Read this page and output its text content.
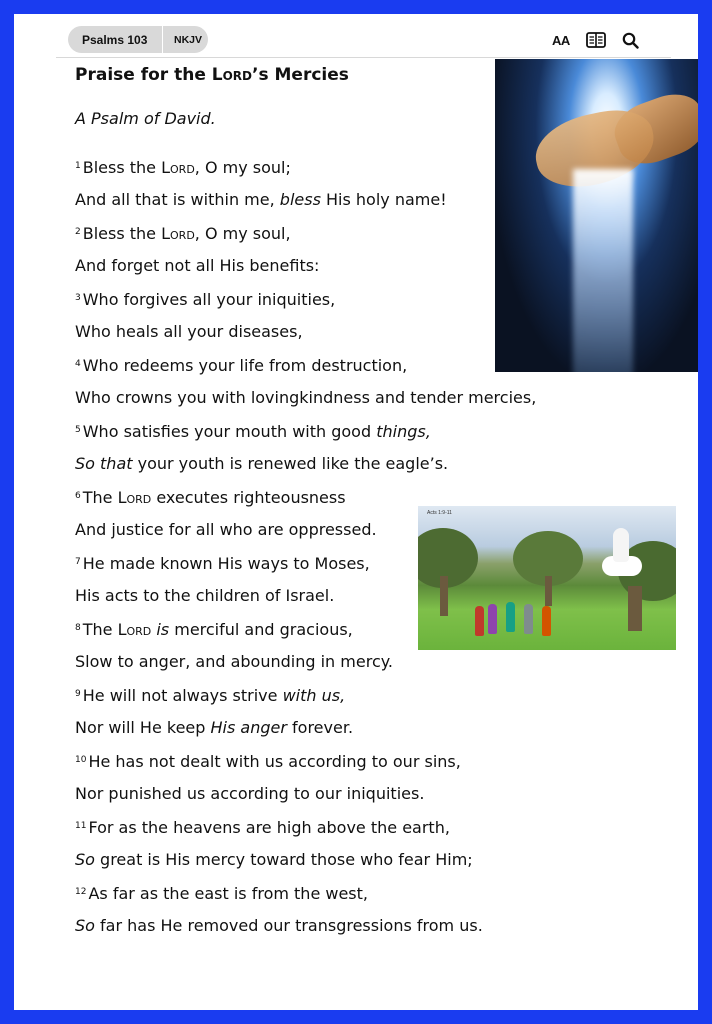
Psalms 103	NKJV	AA
Acts 1:9-11
Praise for the Lord’s Mercies
A Psalm of David.
$^1$ Bless the Lord, O my soul;
And all that is within me, bless His holy name!
$^2$ Bless the Lord, O my soul,
And forget not all His benefits:
$^3$ Who forgives all your iniquities,
Who heals all your diseases,
$^4$ Who redeems your life from destruction,
Who crowns you with lovingkindness and tender mercies,
$^5$ Who satisfies your mouth with good things,
So that your youth is renewed like the eagle’s.
$^6$ The Lord executes righteousness
And justice for all who are oppressed.
$^7$ He made known His ways to Moses,
His acts to the children of Israel.
$^8$ The Lord is merciful and gracious,
Slow to anger, and abounding in mercy.
$^9$ He will not always strive with us,
Nor will He keep His anger forever.
$^{10}$ He has not dealt with us according to our sins,
Nor punished us according to our iniquities.
$^{11}$ For as the heavens are high above the earth,
So great is His mercy toward those who fear Him;
$^{12}$ As far as the east is from the west,
So far has He removed our transgressions from us.
